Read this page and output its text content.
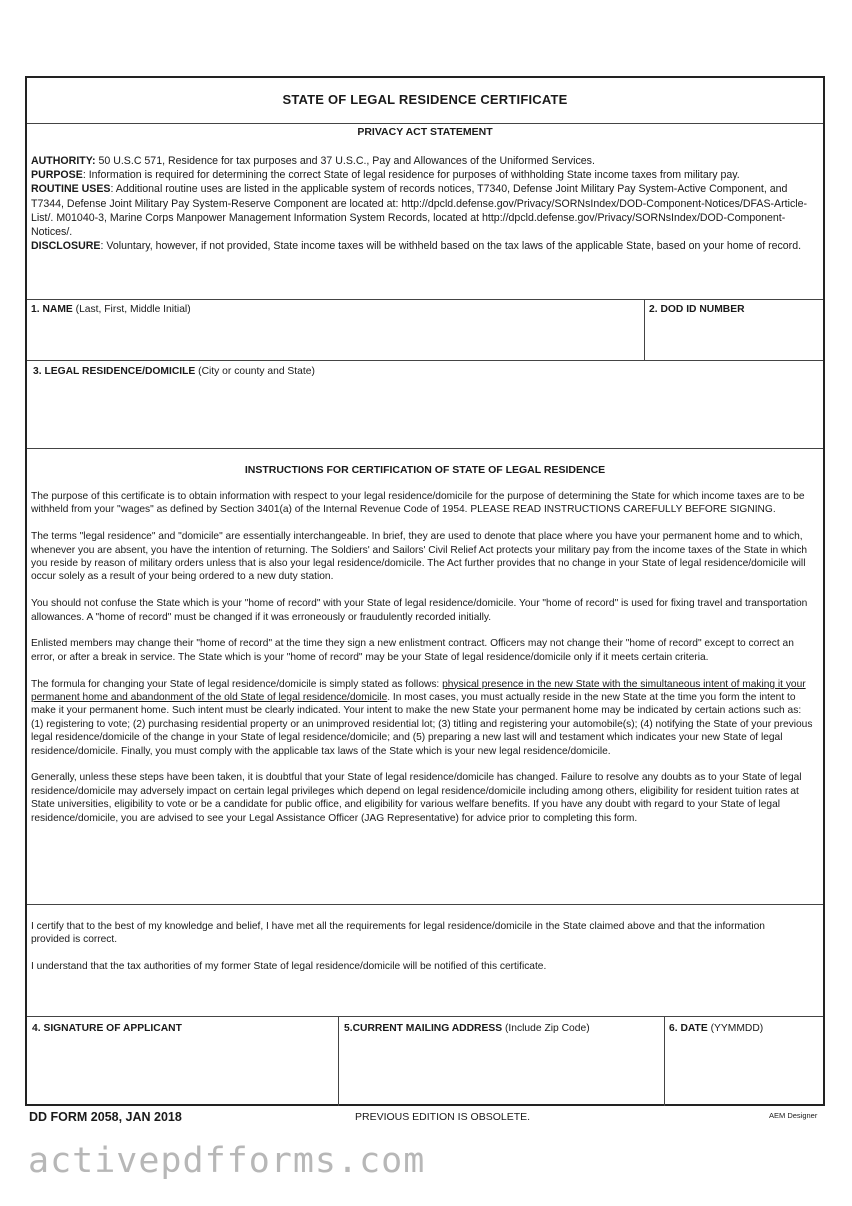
STATE OF LEGAL RESIDENCE CERTIFICATE
PRIVACY ACT STATEMENT

AUTHORITY: 50 U.S.C 571, Residence for tax purposes and 37 U.S.C., Pay and Allowances of the Uniformed Services.

PURPOSE: Information is required for determining the correct State of legal residence for purposes of withholding State income taxes from military pay.

ROUTINE USES: Additional routine uses are listed in the applicable system of records notices, T7340, Defense Joint Military Pay System-Active Component, and T7344, Defense Joint Military Pay System-Reserve Component are located at: http://dpcld.defense.gov/Privacy/SORNsIndex/DOD-Component-Notices/DFAS-Article-List/. M01040-3, Marine Corps Manpower Management Information System Records, located at http://dpcld.defense.gov/Privacy/SORNsIndex/DOD-Component-Notices/.

DISCLOSURE: Voluntary, however, if not provided, State income taxes will be withheld based on the tax laws of the applicable State, based on your home of record.

1. NAME (Last, First, Middle Initial)	2. DOD ID NUMBER
3. LEGAL RESIDENCE/DOMICILE (City or county and State)
INSTRUCTIONS FOR CERTIFICATION OF STATE OF LEGAL RESIDENCE

The purpose of this certificate is to obtain information with respect to your legal residence/domicile for the purpose of determining the State for which income taxes are to be withheld from your "wages" as defined by Section 3401(a) of the Internal Revenue Code of 1954. PLEASE READ INSTRUCTIONS CAREFULLY BEFORE SIGNING.

The terms "legal residence" and "domicile" are essentially interchangeable. In brief, they are used to denote that place where you have your permanent home and to which, whenever you are absent, you have the intention of returning. The Soldiers' and Sailors' Civil Relief Act protects your military pay from the income taxes of the State in which you reside by reason of military orders unless that is also your legal residence/domicile. The Act further provides that no change in your State of legal residence/domicile will occur solely as a result of your being ordered to a new duty station.

You should not confuse the State which is your "home of record" with your State of legal residence/domicile. Your "home of record" is used for fixing travel and transportation allowances. A "home of record" must be changed if it was erroneously or fraudulently recorded initially.

Enlisted members may change their "home of record" at the time they sign a new enlistment contract. Officers may not change their "home of record" except to correct an error, or after a break in service. The State which is your "home of record" may be your State of legal residence/domicile only if it meets certain criteria.

The formula for changing your State of legal residence/domicile is simply stated as follows: physical presence in the new State with the simultaneous intent of making it your permanent home and abandonment of the old State of legal residence/domicile. In most cases, you must actually reside in the new State at the time you form the intent to make it your permanent home. Such intent must be clearly indicated. Your intent to make the new State your permanent home may be indicated by certain actions such as: (1) registering to vote; (2) purchasing residential property or an unimproved residential lot; (3) titling and registering your automobile(s); (4) notifying the State of your previous legal residence/domicile of the change in your State of legal residence/domicile; and (5) preparing a new last will and testament which indicates your new State of legal residence/domicile. Finally, you must comply with the applicable tax laws of the State which is your new legal residence/domicile.

Generally, unless these steps have been taken, it is doubtful that your State of legal residence/domicile has changed. Failure to resolve any doubts as to your State of legal residence/domicile may adversely impact on certain legal privileges which depend on legal residence/domicile including among others, eligibility for resident tuition rates at State universities, eligibility to vote or be a candidate for public office, and eligibility for various welfare benefits. If you have any doubt with regard to your State of legal residence/domicile, you are advised to see your Legal Assistance Officer (JAG Representative) for advice prior to completing this form.

I certify that to the best of my knowledge and belief, I have met all the requirements for legal residence/domicile in the State claimed above and that the information provided is correct.

I understand that the tax authorities of my former State of legal residence/domicile will be notified of this certificate.

4. SIGNATURE OF APPLICANT	5.CURRENT MAILING ADDRESS (Include Zip Code)	6. DATE (YYMMDD)
DD FORM 2058, JAN 2018	PREVIOUS EDITION IS OBSOLETE.	AEM Designer
activepdfforms.com
